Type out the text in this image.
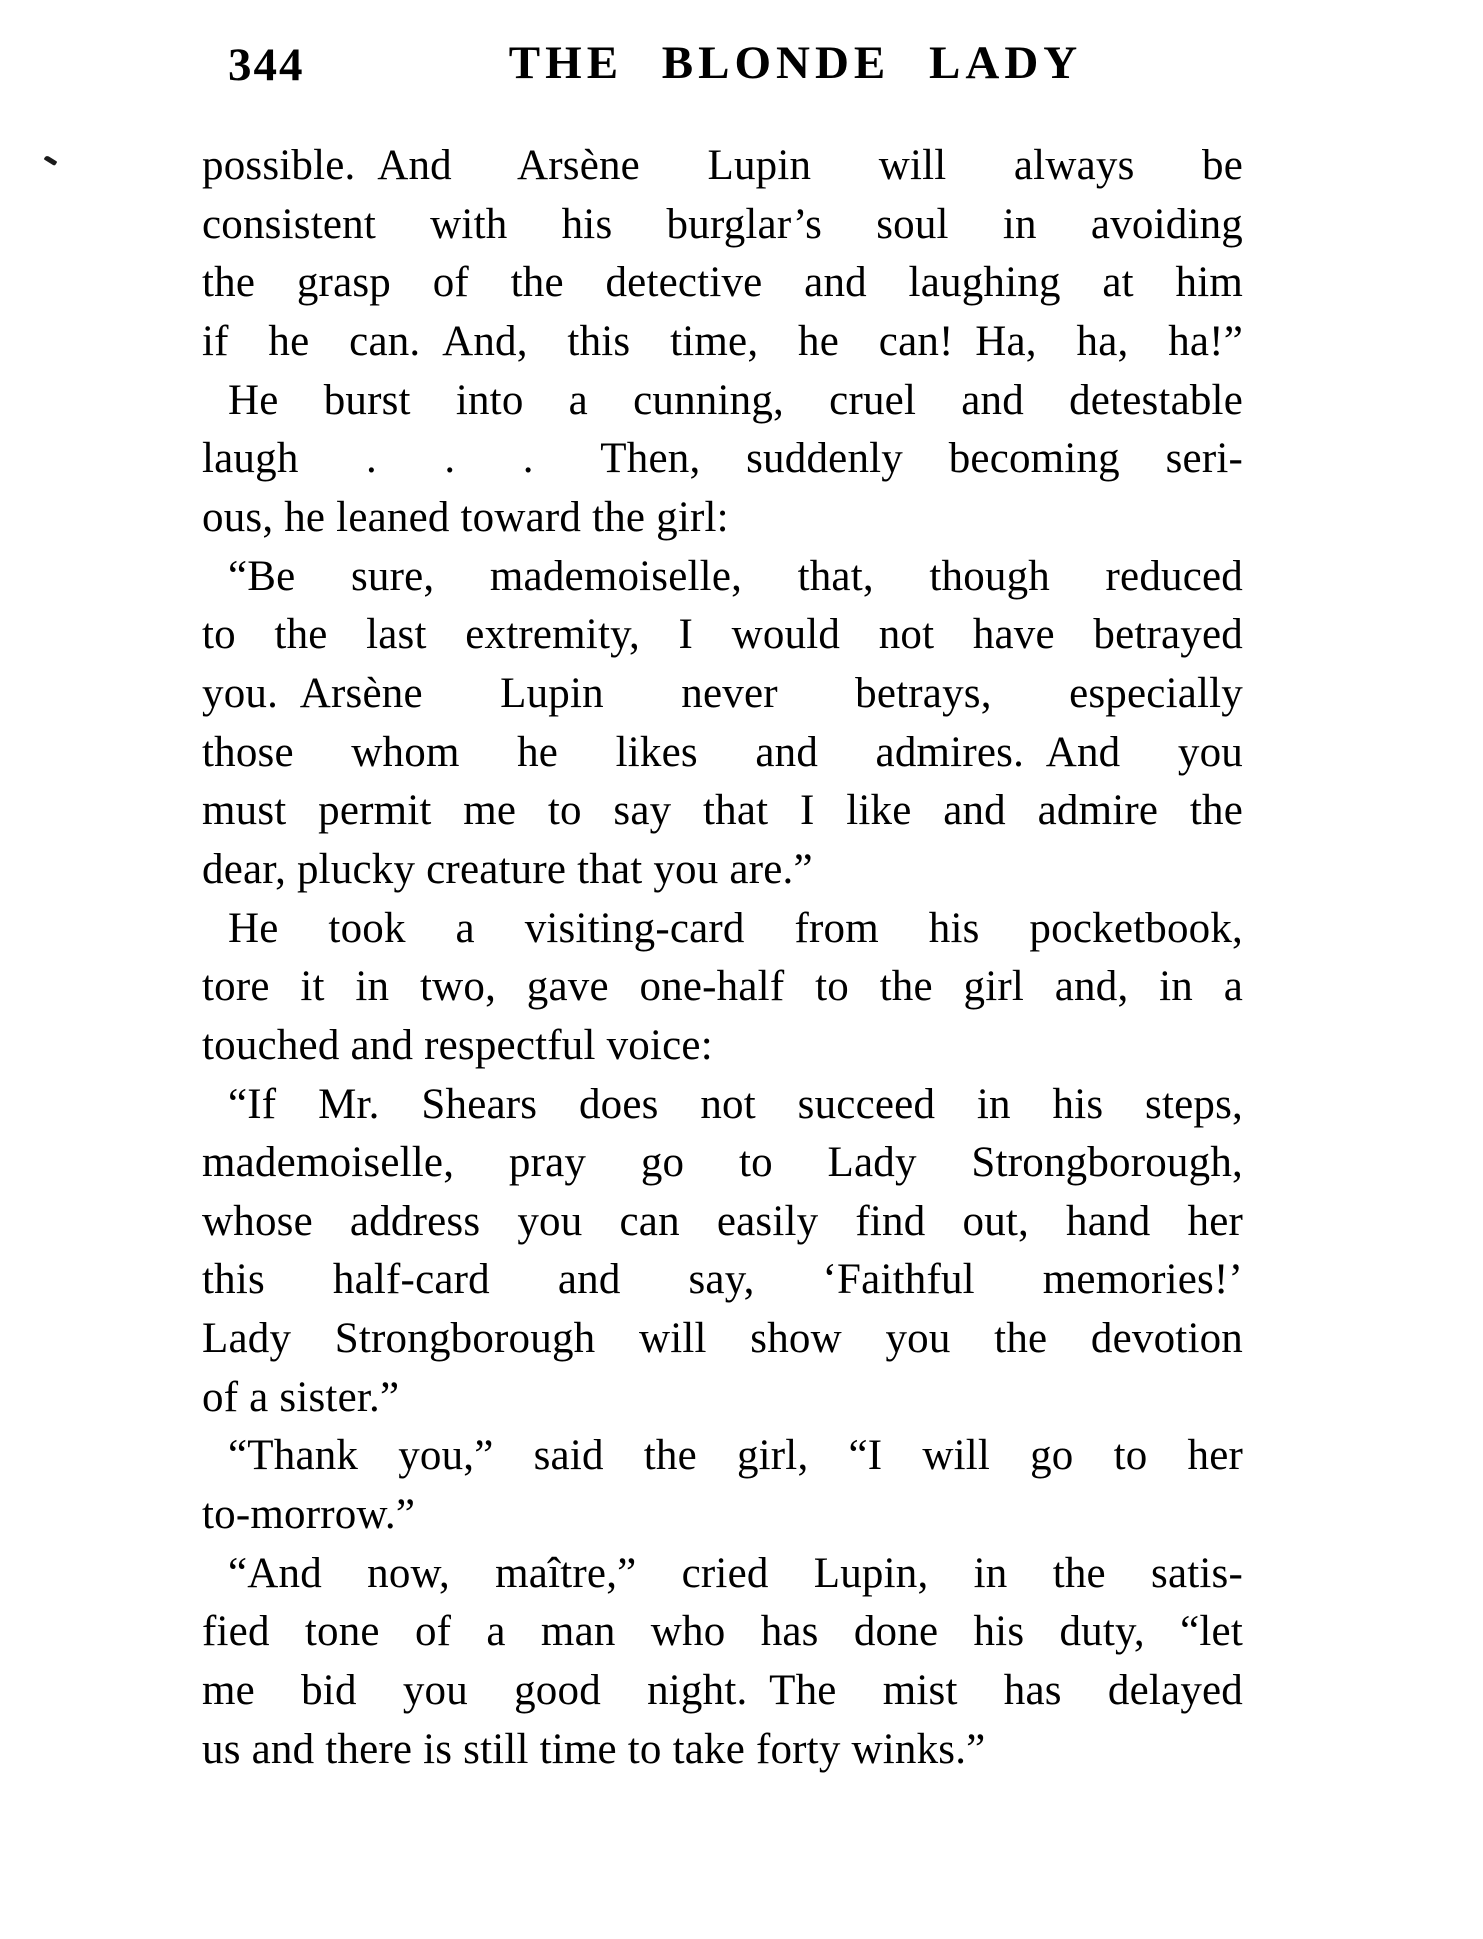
344	THE BLONDE LADY
possible. And Arsène Lupin will always be
consistent with his burglar’s soul in avoiding
the grasp of the detective and laughing at him
if he can. And, this time, he can! Ha, ha, ha!”
He burst into a cunning, cruel and detestable
laugh  .  .  .  Then, suddenly becoming seri-
ous, he leaned toward the girl:
“Be sure, mademoiselle, that, though reduced
to the last extremity, I would not have betrayed
you. Arsène Lupin never betrays, especially
those whom he likes and admires. And you
must permit me to say that I like and admire the
dear, plucky creature that you are.”
He took a visiting-card from his pocketbook,
tore it in two, gave one-half to the girl and, in a
touched and respectful voice:
“If Mr. Shears does not succeed in his steps,
mademoiselle, pray go to Lady Strongborough,
whose address you can easily find out, hand her
this half-card and say, ‘Faithful memories!’
Lady Strongborough will show you the devotion
of a sister.”
“Thank you,” said the girl, “I will go to her
to-morrow.”
“And now, maître,” cried Lupin, in the satis-
fied tone of a man who has done his duty, “let
me bid you good night. The mist has delayed
us and there is still time to take forty winks.”
